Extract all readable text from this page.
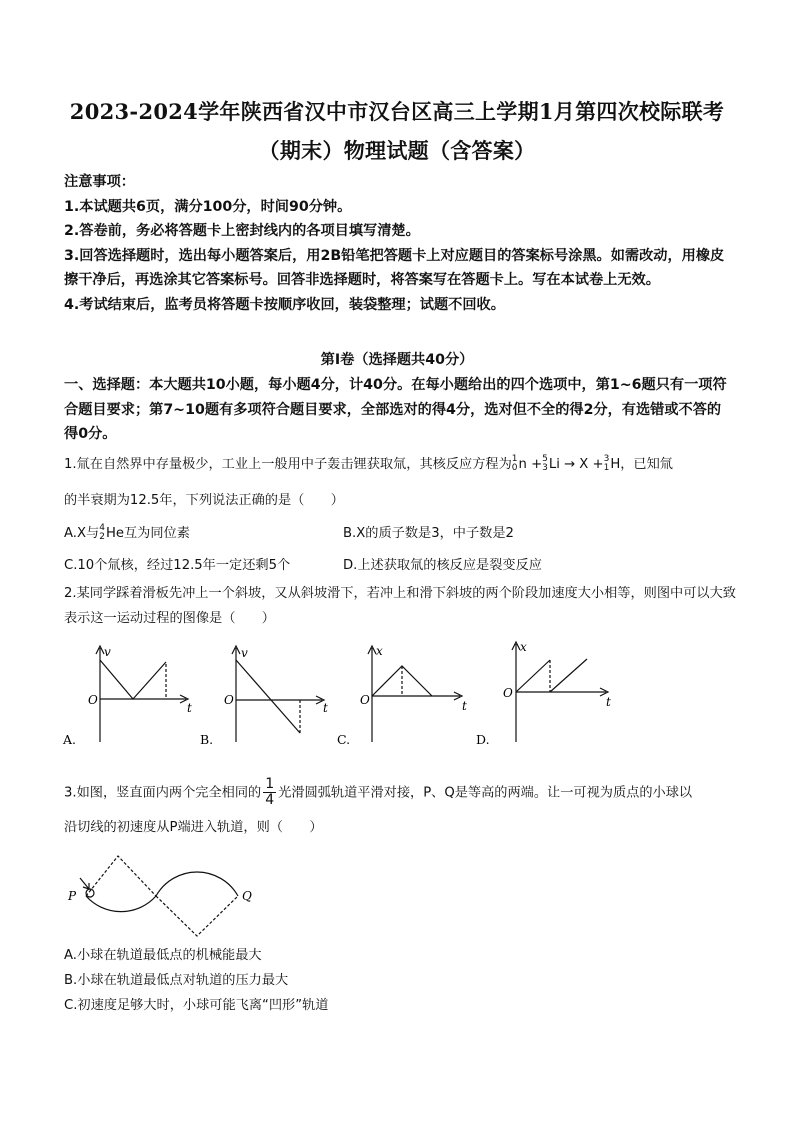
2023-2024学年陕西省汉中市汉台区高三上学期1月第四次校际联考
（期末）物理试题（含答案）

注意事项：

1.本试题共6页，满分100分，时间90分钟。

2.答卷前，务必将答题卡上密封线内的各项目填写清楚。

3.回答选择题时，选出每小题答案后，用2B铅笔把答题卡上对应题目的答案标号涂黑。如需改动，用橡皮擦干净后，再选涂其它答案标号。回答非选择题时，将答案写在答题卡上。写在本试卷上无效。

4.考试结束后，监考员将答题卡按顺序收回，装袋整理；试题不回收。

第Ⅰ卷（选择题共40分）

一、选择题：本大题共10小题，每小题4分，计40分。在每小题给出的四个选项中，第1~6题只有一项符合题目要求；第7~10题有多项符合题目要求，全部选对的得4分，选对但不全的得2分，有选错或不答的得0分。

1.氚在自然界中存量极少，工业上一般用中子轰击锂获取氚，其核反应方程为 1
0 n + 5
3 Li → X + 3
1 H，已知氚
的半衰期为12.5年，下列说法正确的是（　　）
A.X与 4
2 He互为同位素	B.X的质子数是3，中子数是2
C.10个氚核，经过12.5年一定还剩5个	D.上述获取氚的核反应是裂变反应
2.某同学踩着滑板先冲上一个斜坡，又从斜坡滑下，若冲上和滑下斜坡的两个阶段加速度大小相等，则图中可以大致表示这一运动过程的图像是（　　）
v
O
t
A.
v
O
t
B.
x
O	t
C.
x
O
t
D.
3.如图，竖直面内两个完全相同的 $\frac{1}{4}$ 光滑圆弧轨道平滑对接，P、Q是等高的两端。让一可视为质点的小球以
沿切线的初速度从P端进入轨道，则（　　）
P	Q
A.小球在轨道最低点的机械能最大
B.小球在轨道最低点对轨道的压力最大
C.初速度足够大时，小球可能飞离“凹形”轨道
